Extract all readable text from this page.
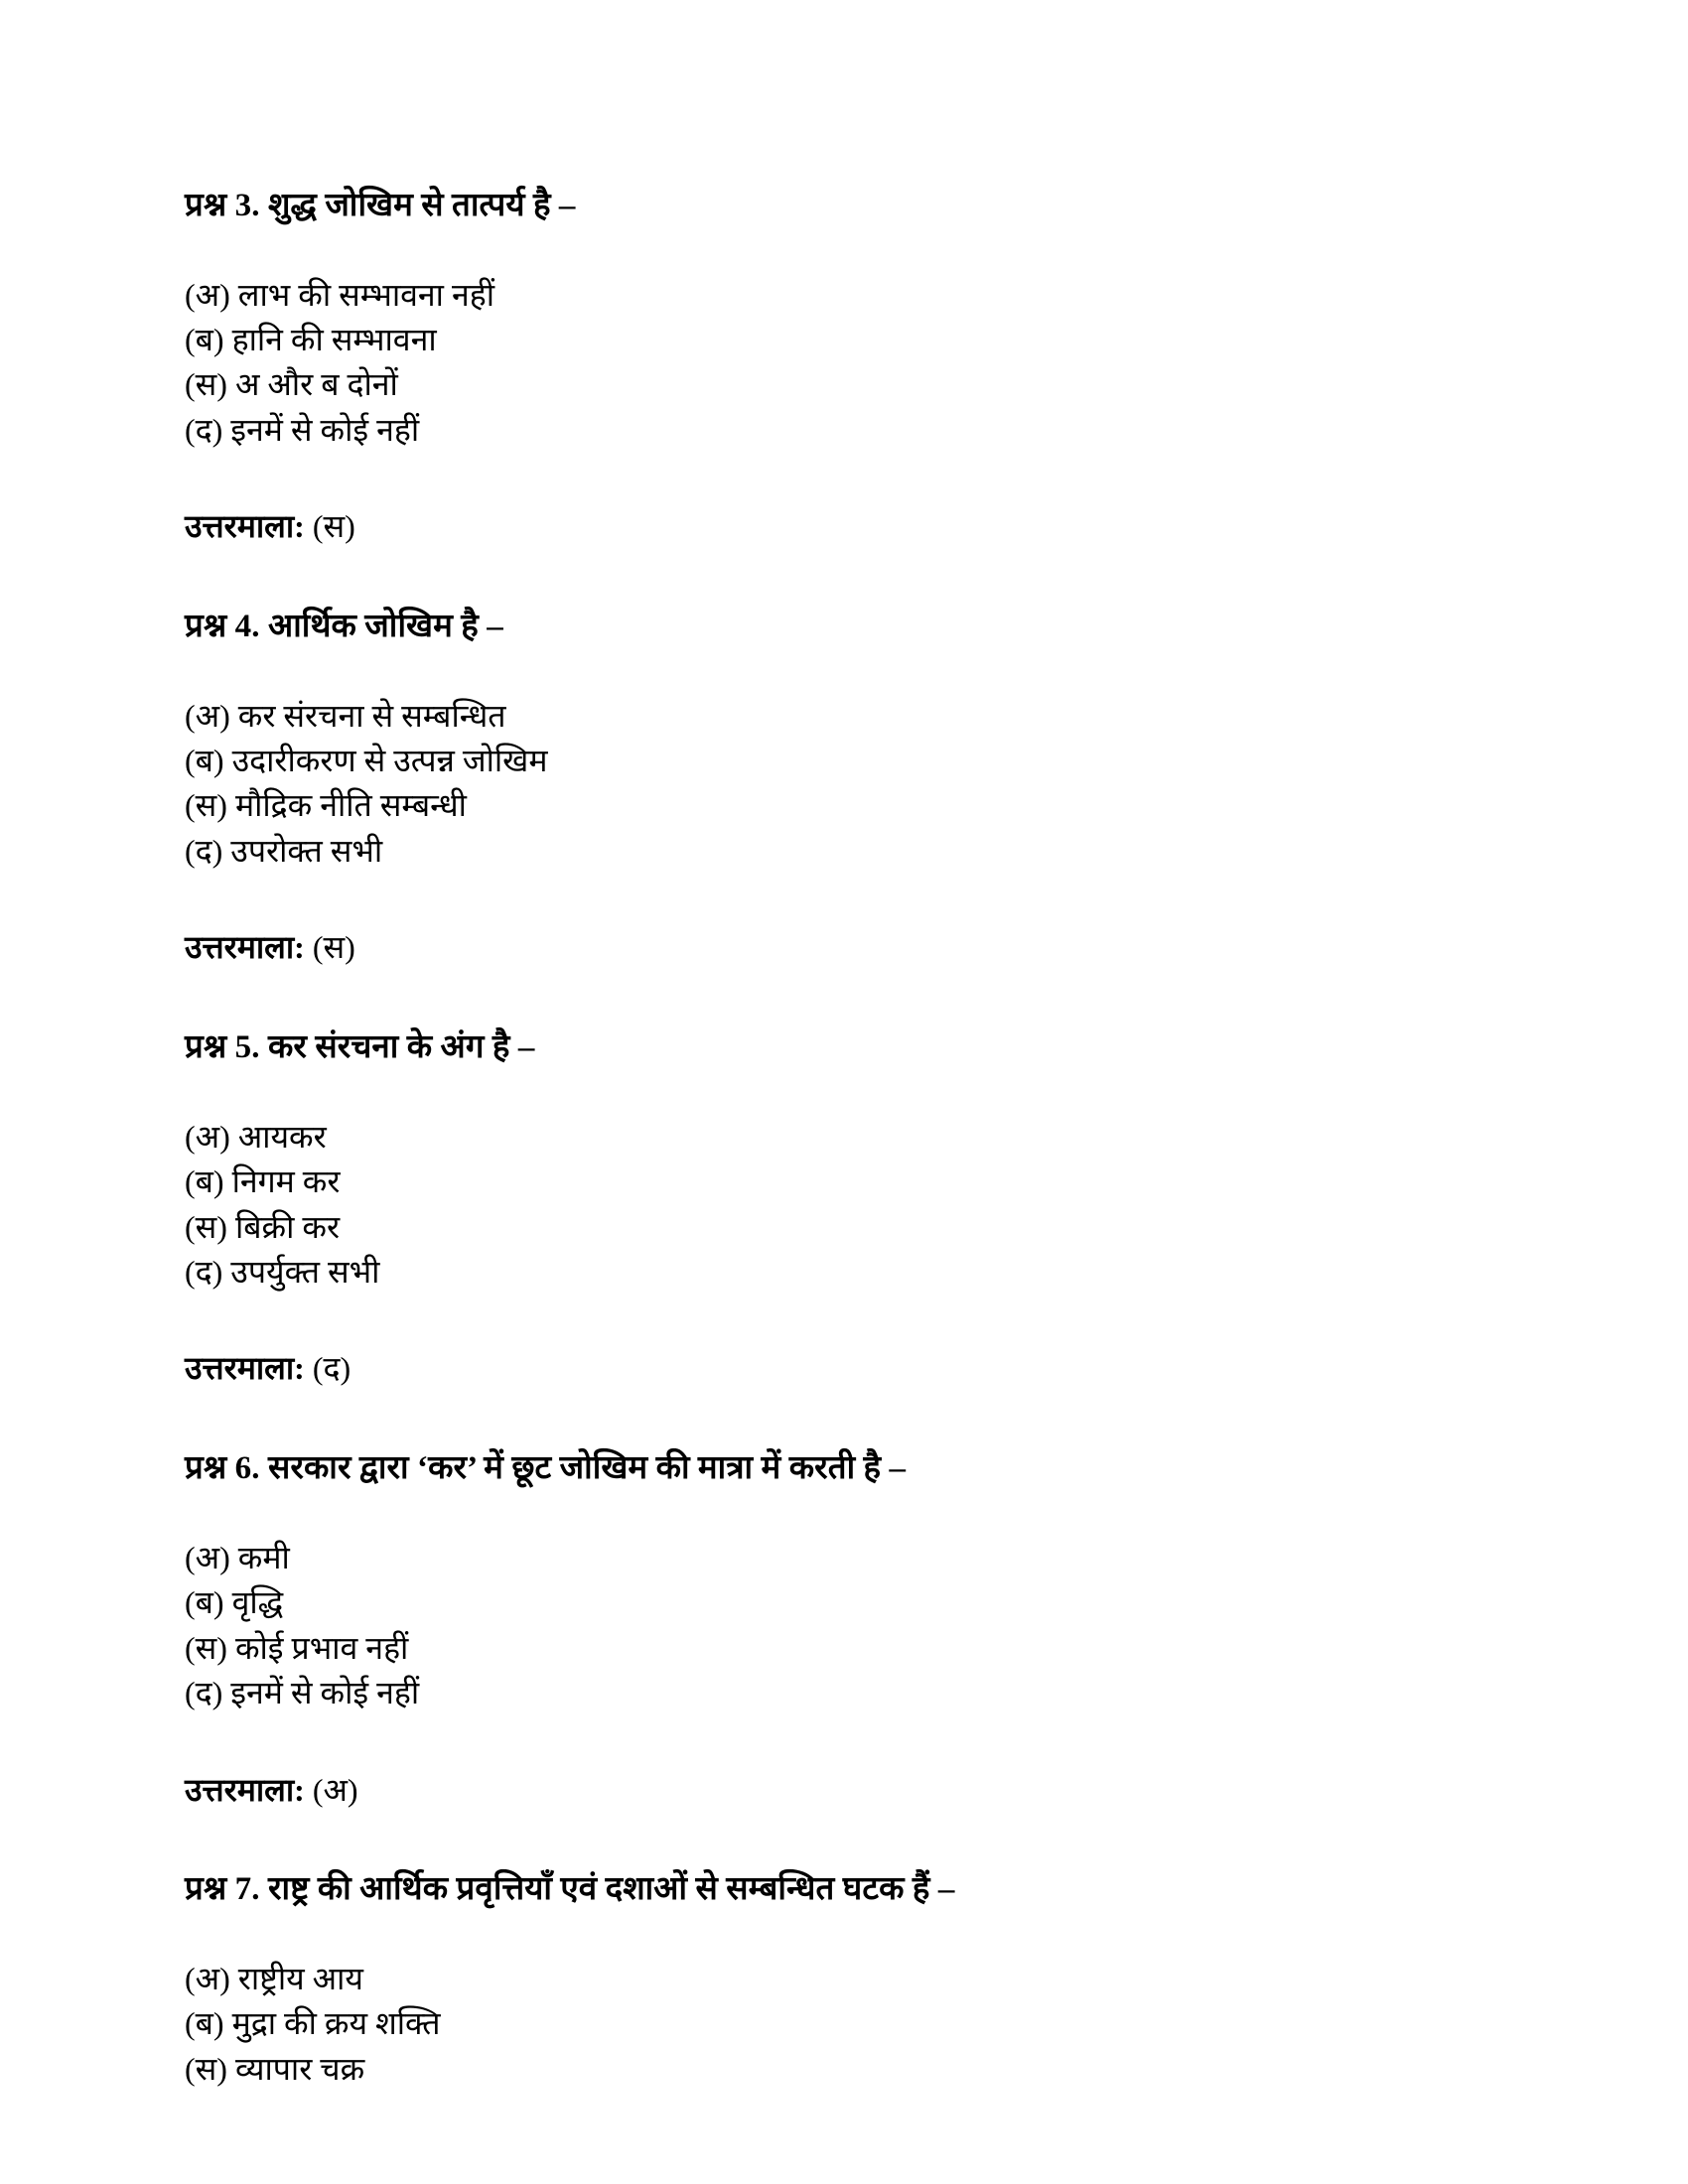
प्रश्न 3. शुद्ध जोखिम से तात्पर्य है –

(अ) लाभ की सम्भावना नहीं
(ब) हानि की सम्भावना
(स) अ और ब दोनों
(द) इनमें से कोई नहीं

उत्तरमाला: (स)

प्रश्न 4. आर्थिक जोखिम है –

(अ) कर संरचना से सम्बन्धित
(ब) उदारीकरण से उत्पन्न जोखिम
(स) मौद्रिक नीति सम्बन्धी
(द) उपरोक्त सभी

उत्तरमाला: (स)

प्रश्न 5. कर संरचना के अंग है –

(अ) आयकर
(ब) निगम कर
(स) बिक्री कर
(द) उपर्युक्त सभी

उत्तरमाला: (द)

प्रश्न 6. सरकार द्वारा ‘कर’ में छूट जोखिम की मात्रा में करती है –

(अ) कमी
(ब) वृद्धि
(स) कोई प्रभाव नहीं
(द) इनमें से कोई नहीं

उत्तरमाला: (अ)

प्रश्न 7. राष्ट्र की आर्थिक प्रवृत्तियाँ एवं दशाओं से सम्बन्धित घटक हैं –

(अ) राष्ट्रीय आय
(ब) मुद्रा की क्रय शक्ति
(स) व्यापार चक्र
